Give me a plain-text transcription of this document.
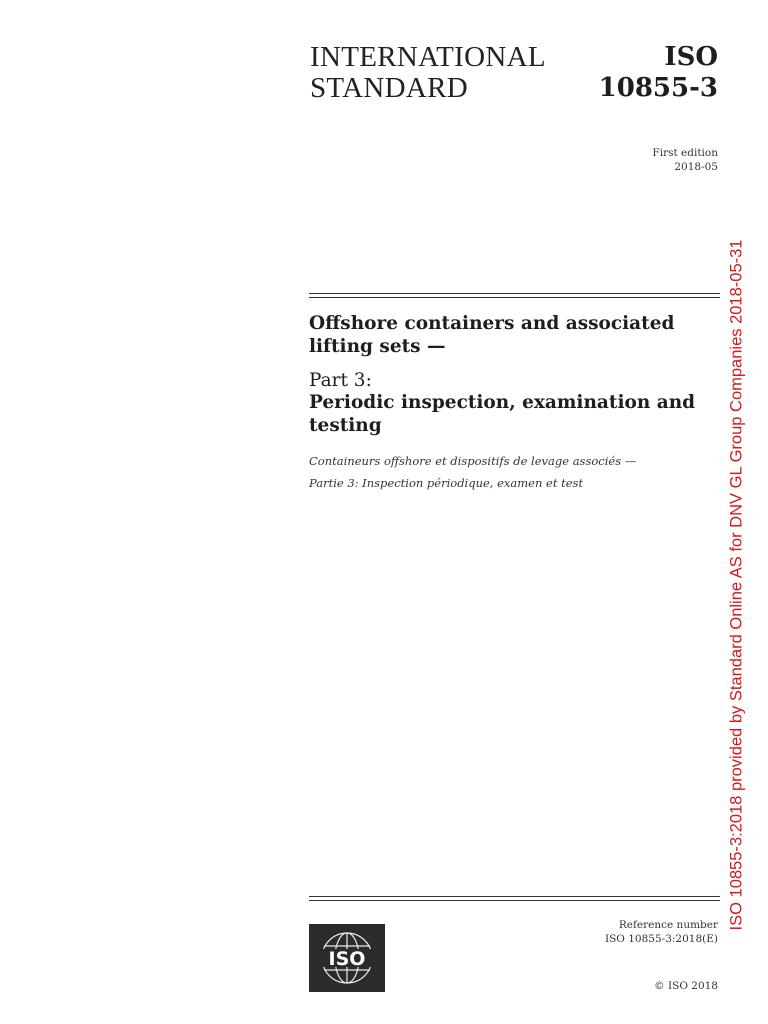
INTERNATIONAL
STANDARD
ISO
10855-3
First edition
2018-05
Offshore containers and associated
lifting sets —
Part 3:
Periodic inspection, examination and
testing
Containeurs offshore et dispositifs de levage associés —
Partie 3: Inspection périodique, examen et test
ISO
Reference number
ISO 10855-3:2018(E)
© ISO 2018
ISO 10855-3:2018 provided by Standard Online AS for DNV GL Group Companies 2018-05-31
